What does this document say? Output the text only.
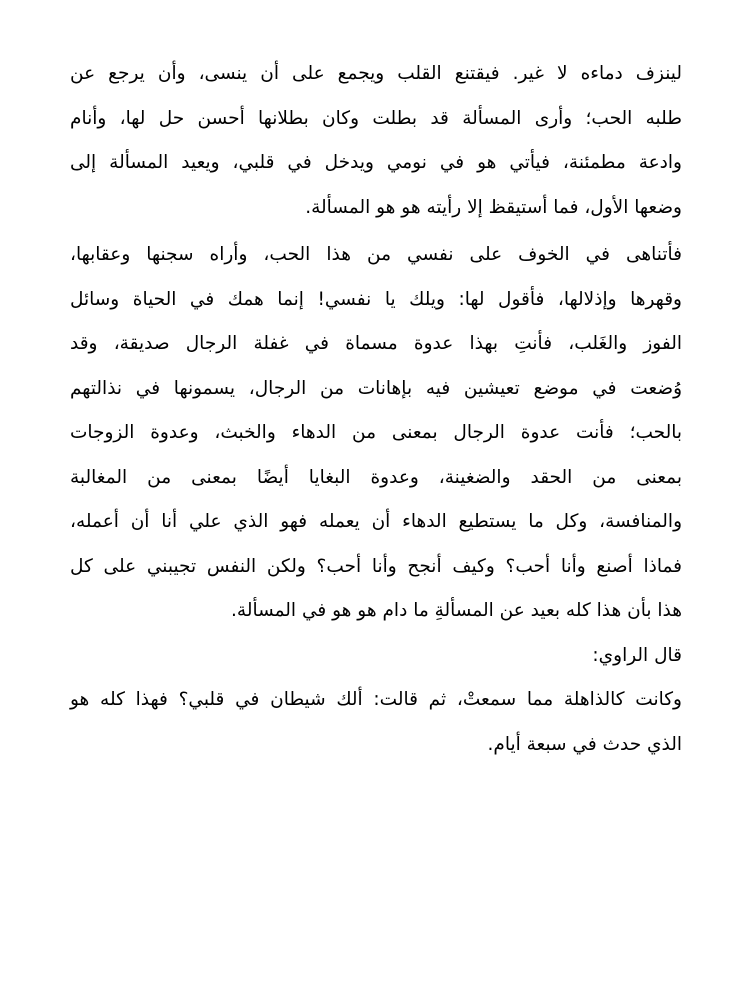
لينزف دماءه لا غير. فيقتنع القلب ويجمع على أن ينسى، وأن يرجع عن
طلبه الحب؛ وأرى المسألة قد بطلت وكان بطلانها أحسن حل لها، وأنام
وادعة مطمئنة، فيأتي هو في نومي ويدخل في قلبي، ويعيد المسألة إلى
وضعها الأول، فما أستيقظ إلا رأيته هو هو المسألة.
فأتناهى في الخوف على نفسي من هذا الحب، وأراه سجنها وعقابها،
وقهرها وإذلالها، فأقول لها: ويلك يا نفسي! إنما همك في الحياة وسائل
الفوز والغَلب، فأنتِ بهذا عدوة مسماة في غفلة الرجال صديقة، وقد
وُضعت في موضع تعيشين فيه بإهانات من الرجال، يسمونها في نذالتهم
بالحب؛ فأنت عدوة الرجال بمعنى من الدهاء والخبث، وعدوة الزوجات
بمعنى من الحقد والضغينة، وعدوة البغايا أيضًا بمعنى من المغالبة
والمنافسة، وكل ما يستطيع الدهاء أن يعمله فهو الذي علي أنا أن أعمله،
فماذا أصنع وأنا أحب؟ وكيف أنجح وأنا أحب؟ ولكن النفس تجيبني على كل
هذا بأن هذا كله بعيد عن المسألةِ ما دام هو هو في المسألة.
قال الراوي:
وكانت كالذاهلة مما سمعتْ، ثم قالت: ألك شيطان في قلبي؟ فهذا كله هو
الذي حدث في سبعة أيام.
